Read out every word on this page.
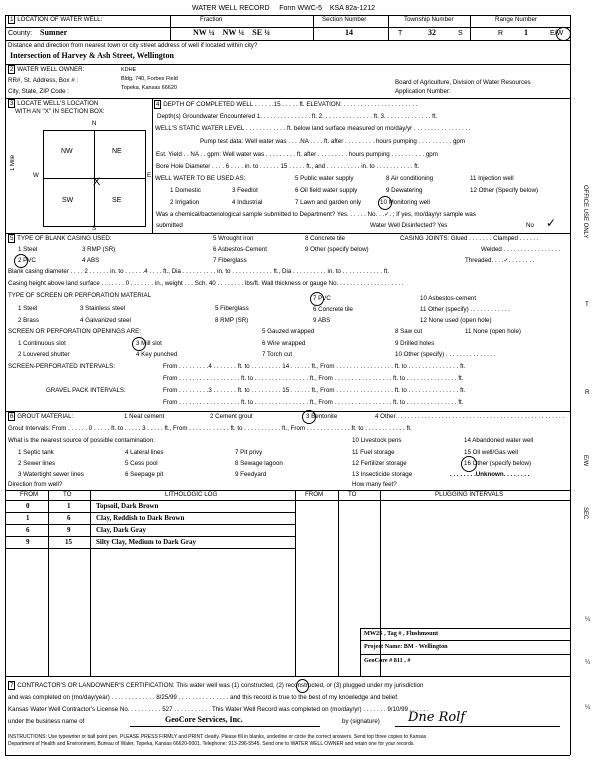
WATER WELL RECORD Form WWC-5 KSA 82a-1212
1 LOCATION OF WATER WELL:	Fraction	Section Number	Township Number	Range Number
County: Sumner	NW ¼ NW ¼ SE ¼	14	T	32	S	R	1	E/W
Distance and direction from nearest town or city street address of well if located within city?
Intersection of Harvey & Ash Street, Wellington
2 WATER WELL OWNER:	KDHE
RR#, St. Address, Box # :	Bldg. 740, Forbes Field
City, State, ZIP Code :	Topeka, Kansas 66620
Board of Agriculture, Division of Water Resources
Application Number:
3 LOCATE WELL'S LOCATION
WITH AN "X" IN SECTION BOX:
N
S
W	E
1 Mile
NW	NE
SW	SE
X
4 DEPTH OF COMPLETED WELL . . . . . .15 . . . . . ft. ELEVATION: . . . . . . . . . . . . . . . . . . . . . .
Depth(s) Groundwater Encountered 1. . . . . . . . . . . . . . . ft. 2. . . . . . . . . . . . . . . ft. 3. . . . . . . . . . . . . . ft.
WELL'S STATIC WATER LEVEL . . . . . . . . . . . . ft. below land surface measured on mo/day/yr . . . . . . . . . . . . . . . . .
Pump test data: Well water was . . . .NA . . . . ft. after . . . . . . . . . hours pumping . . . . . . . . . . gpm
Est. Yield . . NA . . gpm: Well water was . . . . . . . . . ft. after . . . . . . . . . hours pumping . . . . . . . . . . gpm
Bore Hole Diameter . . . . 6 . . . . in. to . . . . . . 15 . . . . . ft., and . . . . . . . . . . in. to . . . . . . . . . . . ft.
WELL WATER TO BE USED AS:	5 Public water supply	8 Air conditioning	11 Injection well
1 Domestic	3 Feedlot	6 Oil field water supply	9 Dewatering	12 Other (Specify below)
2 Irrigation	4 Industrial	7 Lawn and garden only	10 Monitoring well
Was a chemical/bacteriological sample submitted to Department? Yes. . . . . . No. . .✓. ; If yes, mo/day/yr sample was
submitted	Water Well Disinfected? Yes	No ✓
5 TYPE OF BLANK CASING USED:	5 Wrought iron	8 Concrete tile	CASING JOINTS: Glued . . . . . . . Clamped . . . . . .
1 Steel	3 RMP (SR)	6 Asbestos-Cement	9 Other (specify below)	Welded . . . . . . . . . . . . . . . . .
2 PVC	4 ABS	7 Fiberglass	Threaded. . . .✓. . . . . . . .
Blank casing diameter . . . . 2 . . . . . . in. to . . . . . .4 . . . . ft., Dia . . . . . . . . . . in. to . . . . . . . . . . . . ft., Dia . . . . . . . . . . in. to . . . . . . . . . . . . ft.
Casing height above land surface . . . . . . . 0 . . . . . . . in., weight . . . Sch. 40 . . . . . . . . lbs/ft. Wall thickness or gauge No. . . . . . . . . . . . . . . . . . . .
TYPE OF SCREEN OR PERFORATION MATERIAL
1 Steel	3 Stainless steel	5 Fiberglass
7 PVC	10 Asbestos-cement
6 Concrete tile	11 Other (specify) . . . . . . . . . . . .
2 Brass	4 Galvanized steel	8 RMP (SR)	9 ABS	12 None used (open hole)
SCREEN OR PERFORATION OPENINGS ARE:	5 Gauzed wrapped	8 Saw cut	11 None (open hole)
1 Continuous slot	3 Mill slot	6 Wire wrapped	9 Drilled holes
2 Louvered shutter	4 Key punched	7 Torch cut	10 Other (specify) . . . . . . . . . . . . . . .
SCREEN-PERFORATED INTERVALS:	From . . . . . . . . .4 . . . . . . . ft. to . . . . . . . . . 14 . . . . . . ft., From . . . . . . . . . . . . . . . . . ft. to . . . . . . . . . . . . . . . ft.
From . . . . . . . . . . . . . . . . . . ft. to . . . . . . . . . . . . . . . . ft., From . . . . . . . . . . . . . . . . . ft. to . . . . . . . . . . . . . . . ft.
GRAVEL PACK INTERVALS:	From . . . . . . . . .3 . . . . . . . ft. to . . . . . . . . . 15 . . . . . . ft., From . . . . . . . . . . . . . . . . . ft. to . . . . . . . . . . . . . . . ft.
From . . . . . . . . . . . . . . . . . . ft. to . . . . . . . . . . . . . . . . ft., From . . . . . . . . . . . . . . . . . ft. to . . . . . . . . . . . . . . . ft.
6 GROUT MATERIAL:	1 Neat cement	2 Cement grout	3 Bentonite	4 Other . . . . . . . . . . . . . . . . . . . . . . . . . . . . . . . . . . . . . . . . . . . . . . . . .
Grout Intervals: From . . . . . . 0 . . . . . ft. to . . . . . 3 . . . . . ft., From . . . . . . . . . . . . ft. to . . . . . . . . . . . ft., From . . . . . . . . . . . . . ft. to . . . . . . . . . . . . ft.
What is the nearest source of possible contamination:	10 Livestock pens	14 Abandoned water well
1 Septic tank	4 Lateral lines	7 Pit privy	11 Fuel storage	15 Oil well/Gas well
2 Sewer lines	5 Cess pool	8 Sewage lagoon	12 Fertilizer storage	16 Other (specify below)
3 Watertight sewer lines	6 Seepage pit	9 Feedyard	13 Insecticide storage	. . . . . . . .Unknown. . . . . . . .
Direction from well?	How many feet?
FROM	TO	LITHOLOGIC LOG	FROM	TO	PLUGGING INTERVALS
0	1	Topsoil, Dark Brown
1	6	Clay, Reddish to Dark Brown
6	9	Clay, Dark Gray
9	15	Silty Clay, Medium to Dark Gray
MW2S , Tag # , Flushmount
Project Name: BM - Wellington
GeoCore # 811 , #
7 CONTRACTOR'S OR LANDOWNER'S CERTIFICATION: This water well was (1) constructed, (2) reconstructed, or (3) plugged under my jurisdiction
and was completed on (mo/day/year) . . . . . . . . . . . . . 8/25/99 . . . . . . . . . . . . . . . and this record is true to the best of my knowledge and belief.
Kansas Water Well Contractor's License No. . . . . . . . . . 527 . . . . . . . . . . . This Water Well Record was completed on (mo/day/yr) . . . . . . . 9/10/99 . . . . . .
under the business name of	GeoCore Services, Inc.	by (signature) Dne Rolf
INSTRUCTIONS: Use typewriter or ball point pen. PLEASE PRESS FIRMLY and PRINT clearly. Please fill in blanks, underline or circle the correct answers. Send top three copies to Kansas
Department of Health and Environment, Bureau of Water, Topeka, Kansas 66620-0001. Telephone: 913-296-5545. Send one to WATER WELL OWNER and retain one for your records.
OFFICE USE ONLY
T
R
E/W
SEC
¼
¼
¼
